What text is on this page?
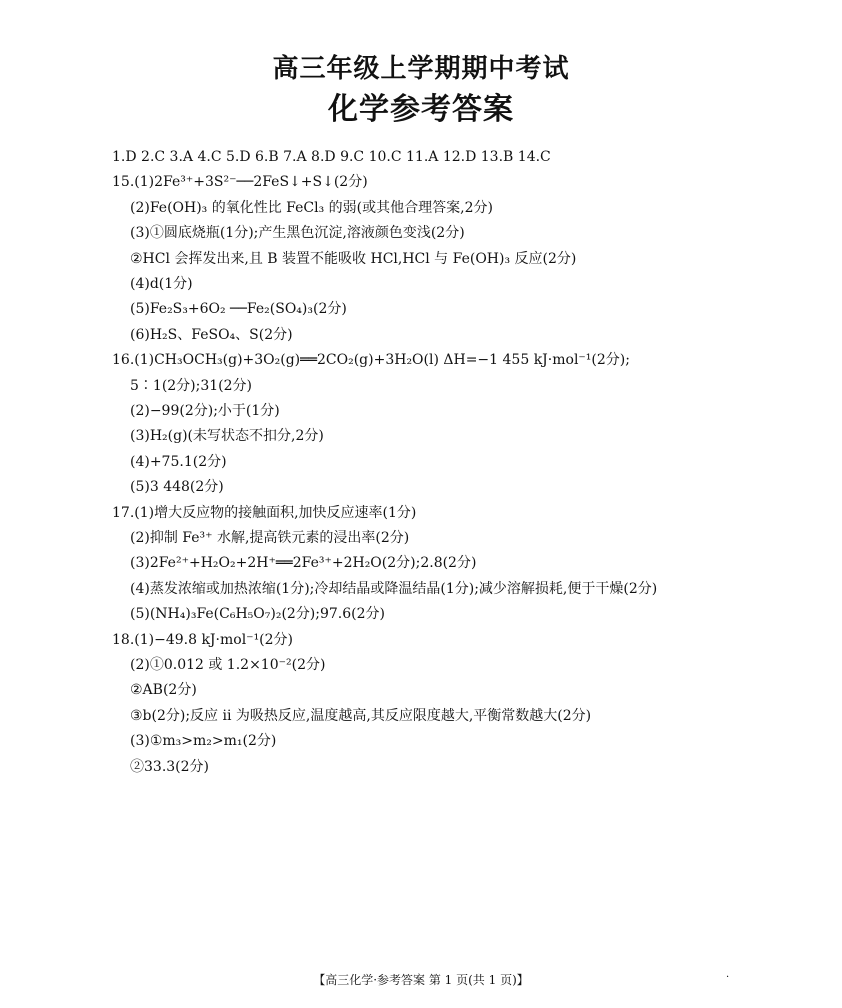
高三年级上学期期中考试
化学参考答案
1.D 2.C 3.A 4.C 5.D 6.B 7.A 8.D 9.C 10.C 11.A 12.D 13.B 14.C
15.(1)2Fe³⁺+3S²⁻──2FeS↓+S↓(2分)
(2)Fe(OH)₃ 的氧化性比 FeCl₃ 的弱(或其他合理答案,2分)
(3)①圆底烧瓶(1分);产生黑色沉淀,溶液颜色变浅(2分)
②HCl 会挥发出来,且 B 装置不能吸收 HCl,HCl 与 Fe(OH)₃ 反应(2分)
(4)d(1分)
(5)Fe₂S₃+6O₂ ──Fe₂(SO₄)₃(2分)
(6)H₂S、FeSO₄、S(2分)
16.(1)CH₃OCH₃(g)+3O₂(g)══2CO₂(g)+3H₂O(l) ΔH=−1 455 kJ·mol⁻¹(2分);
5∶1(2分);31(2分)
(2)−99(2分);小于(1分)
(3)H₂(g)(未写状态不扣分,2分)
(4)+75.1(2分)
(5)3 448(2分)
17.(1)增大反应物的接触面积,加快反应速率(1分)
(2)抑制 Fe³⁺ 水解,提高铁元素的浸出率(2分)
(3)2Fe²⁺+H₂O₂+2H⁺══2Fe³⁺+2H₂O(2分);2.8(2分)
(4)蒸发浓缩或加热浓缩(1分);冷却结晶或降温结晶(1分);减少溶解损耗,便于干燥(2分)
(5)(NH₄)₃Fe(C₆H₅O₇)₂(2分);97.6(2分)
18.(1)−49.8 kJ·mol⁻¹(2分)
(2)①0.012 或 1.2×10⁻²(2分)
②AB(2分)
③b(2分);反应 ii 为吸热反应,温度越高,其反应限度越大,平衡常数越大(2分)
(3)①m₃>m₂>m₁(2分)
②33.3(2分)
【高三化学·参考答案 第 1 页(共 1 页)】	·
